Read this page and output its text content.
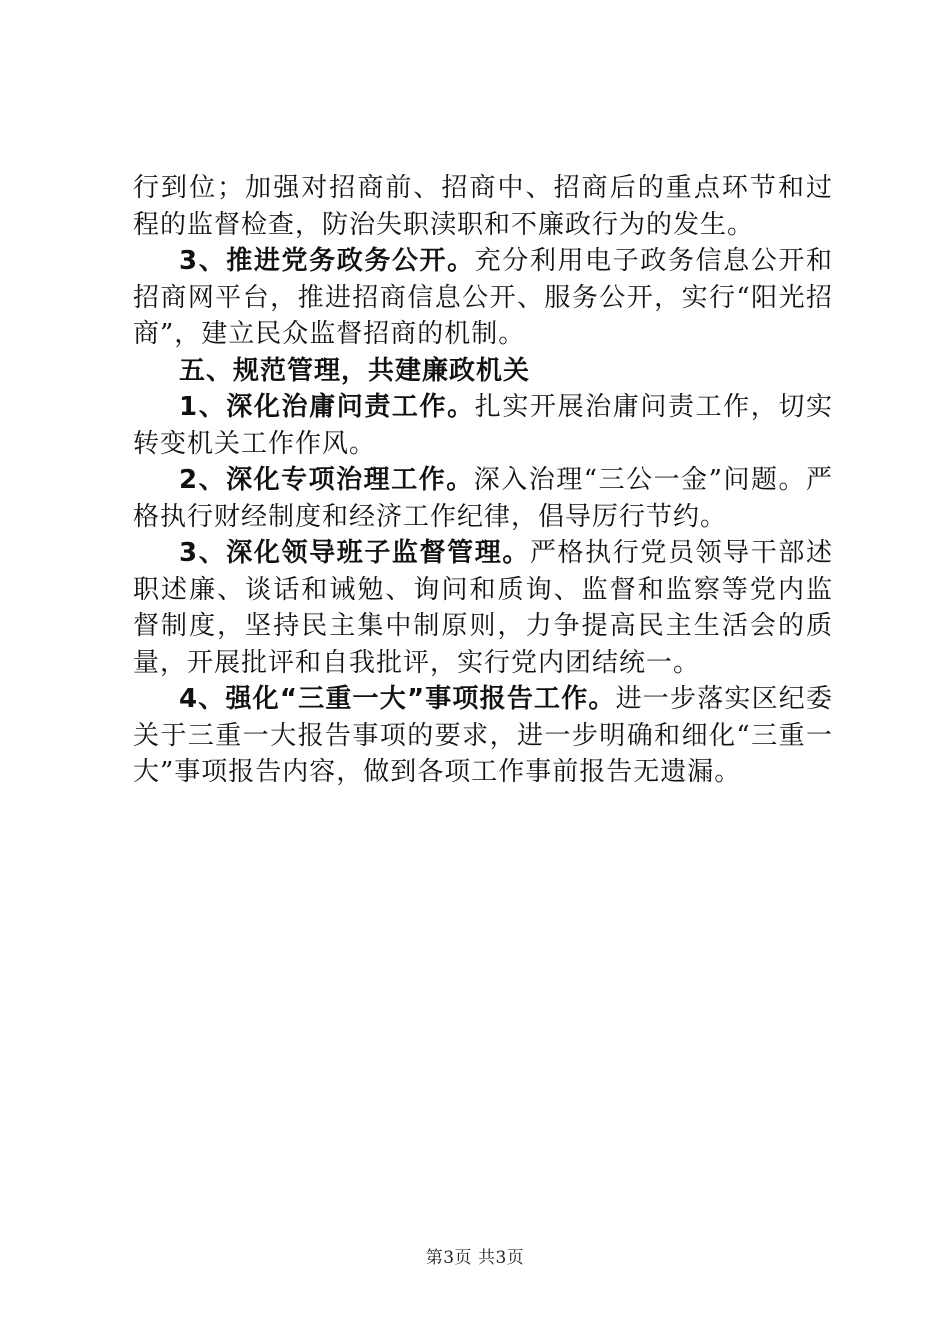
行到位；加强对招商前、招商中、招商后的重点环节和过程的监督检查，防治失职渎职和不廉政行为的发生。

3、推进党务政务公开。充分利用电子政务信息公开和招商网平台，推进招商信息公开、服务公开，实行“阳光招商”，建立民众监督招商的机制。

五、规范管理，共建廉政机关

1、深化治庸问责工作。扎实开展治庸问责工作，切实转变机关工作作风。

2、深化专项治理工作。深入治理“三公一金”问题。严格执行财经制度和经济工作纪律，倡导厉行节约。

3、深化领导班子监督管理。严格执行党员领导干部述职述廉、谈话和诫勉、询问和质询、监督和监察等党内监督制度，坚持民主集中制原则，力争提高民主生活会的质量，开展批评和自我批评，实行党内团结统一。

4、强化“三重一大”事项报告工作。进一步落实区纪委关于三重一大报告事项的要求，进一步明确和细化“三重一大”事项报告内容，做到各项工作事前报告无遗漏。

第3页 共3页
